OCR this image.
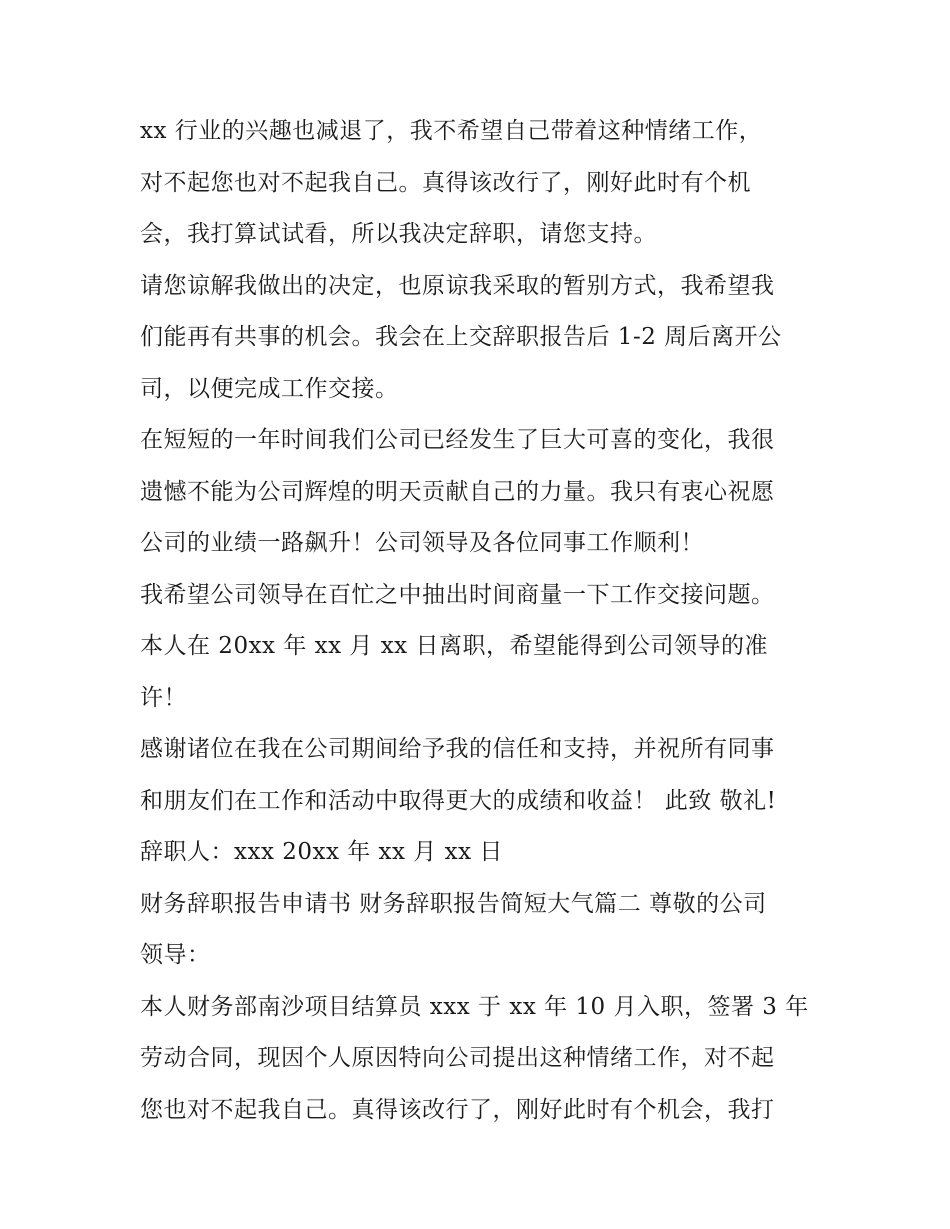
xx 行业的兴趣也减退了，我不希望自己带着这种情绪工作，
对不起您也对不起我自己。真得该改行了，刚好此时有个机
会，我打算试试看，所以我决定辞职，请您支持。
请您谅解我做出的决定，也原谅我采取的暂别方式，我希望我
们能再有共事的机会。我会在上交辞职报告后 1-2 周后离开公
司，以便完成工作交接。
在短短的一年时间我们公司已经发生了巨大可喜的变化，我很
遗憾不能为公司辉煌的明天贡献自己的力量。我只有衷心祝愿
公司的业绩一路飙升！公司领导及各位同事工作顺利！
我希望公司领导在百忙之中抽出时间商量一下工作交接问题。
本人在 20xx 年 xx 月 xx 日离职，希望能得到公司领导的准
许！
感谢诸位在我在公司期间给予我的信任和支持，并祝所有同事
和朋友们在工作和活动中取得更大的成绩和收益！ 此致 敬礼!
辞职人：xxx 20xx 年 xx 月 xx 日
财务辞职报告申请书 财务辞职报告简短大气篇二 尊敬的公司
领导：
本人财务部南沙项目结算员 xxx 于 xx 年 10 月入职，签署 3 年
劳动合同，现因个人原因特向公司提出这种情绪工作，对不起
您也对不起我自己。真得该改行了，刚好此时有个机会，我打
